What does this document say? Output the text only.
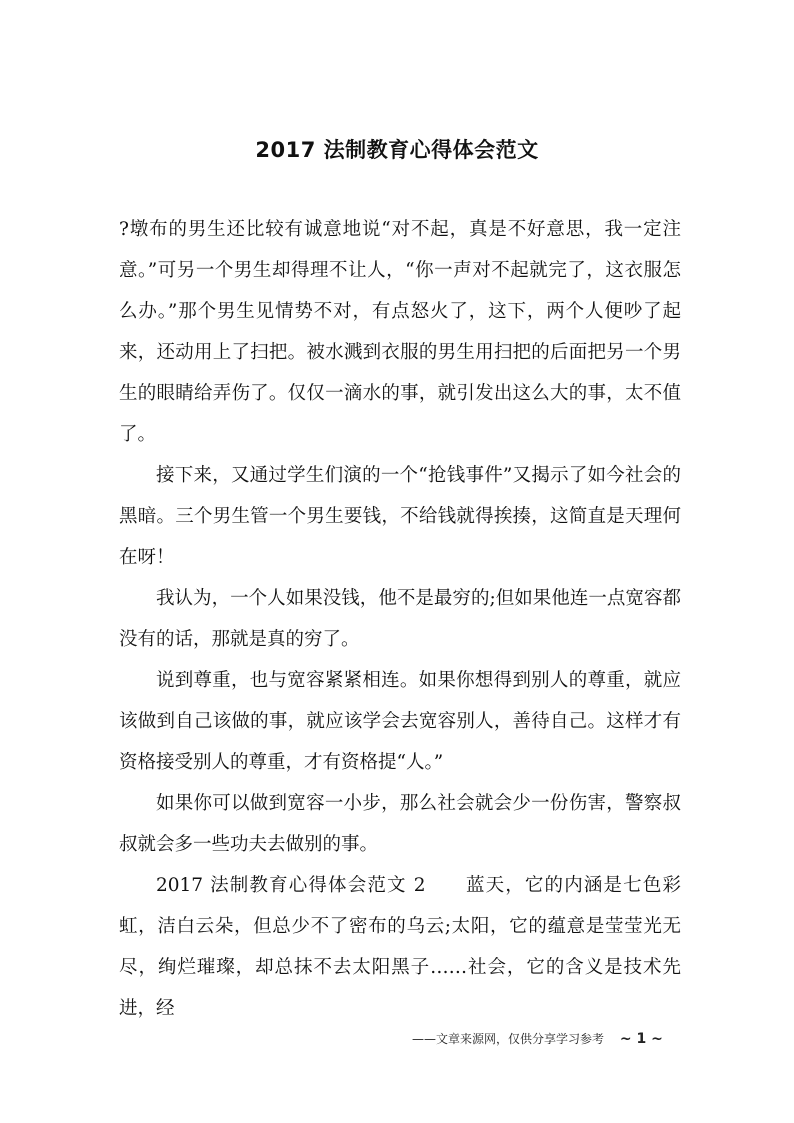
2017 法制教育心得体会范文

?墩布的男生还比较有诚意地说“对不起，真是不好意思，我一定注意。”可另一个男生却得理不让人，“你一声对不起就完了，这衣服怎么办。”那个男生见情势不对，有点怒火了，这下，两个人便吵了起来，还动用上了扫把。被水溅到衣服的男生用扫把的后面把另一个男生的眼睛给弄伤了。仅仅一滴水的事，就引发出这么大的事，太不值了。

接下来，又通过学生们演的一个“抢钱事件”又揭示了如今社会的黑暗。三个男生管一个男生要钱，不给钱就得挨揍，这简直是天理何在呀！

我认为，一个人如果没钱，他不是最穷的;但如果他连一点宽容都没有的话，那就是真的穷了。

说到尊重，也与宽容紧紧相连。如果你想得到别人的尊重，就应该做到自己该做的事，就应该学会去宽容别人，善待自己。这样才有资格接受别人的尊重，才有资格提“人。”

如果你可以做到宽容一小步，那么社会就会少一份伤害，警察叔叔就会多一些功夫去做别的事。

2017 法制教育心得体会范文 2　　蓝天，它的内涵是七色彩虹，洁白云朵，但总少不了密布的乌云;太阳，它的蕴意是莹莹光无尽，绚烂璀璨，却总抹不去太阳黑子……社会，它的含义是技术先进，经

——文章来源网，仅供分享学习参考 ~ 1 ~
